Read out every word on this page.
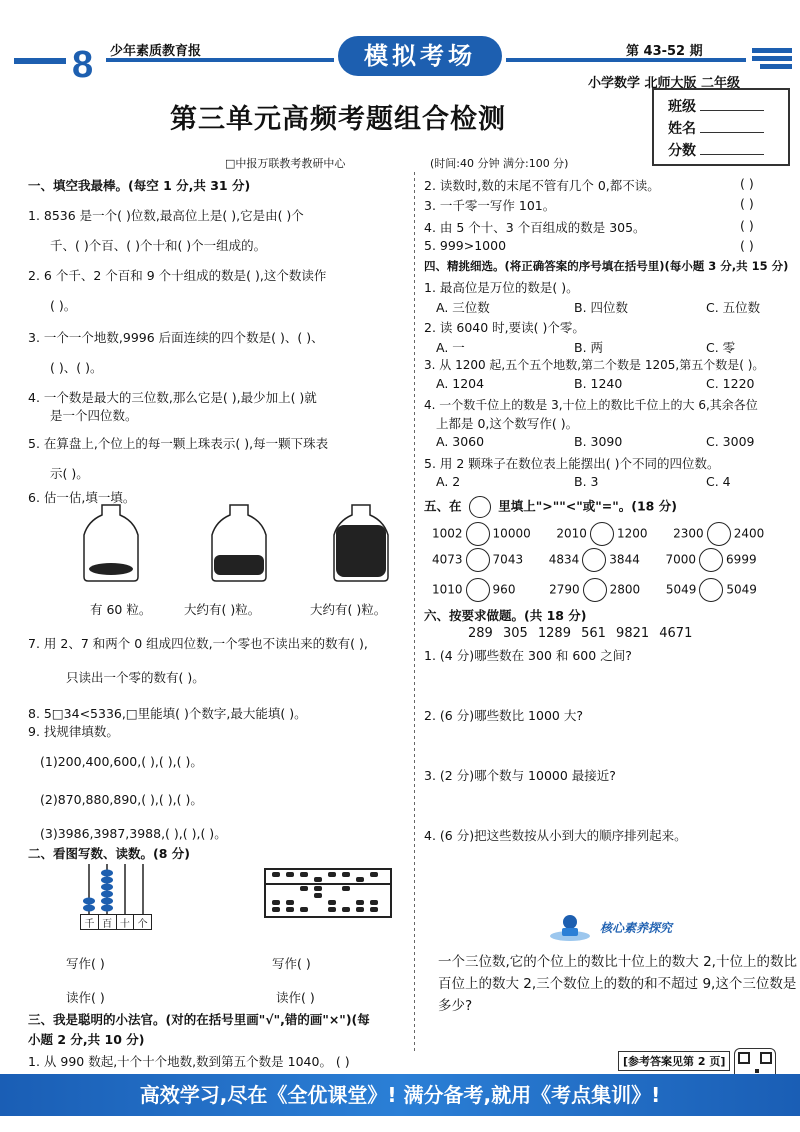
8 少年素质教育报	模拟考场	第 43-52 期
小学数学 北师大版 二年级
第三单元高频考题组合检测	班级
姓名
分数
□中报万联教考教研中心	(时间:40 分钟 满分:100 分)
一、填空我最棒。(每空 1 分,共 31 分)
1. 8536 是一个( )位数,最高位上是( ),它是由( )个
千、( )个百、( )个十和( )个一组成的。
2. 6 个千、2 个百和 9 个十组成的数是( ),这个数读作
( )。
3. 一个一个地数,9996 后面连续的四个数是( )、( )、
( )、( )。
4. 一个数是最大的三位数,那么它是( ),最少加上( )就
是一个四位数。
5. 在算盘上,个位上的每一颗上珠表示( ),每一颗下珠表
示( )。
6. 估一估,填一填。
有 60 粒。	大约有( )粒。	大约有( )粒。
7. 用 2、7 和两个 0 组成四位数,一个零也不读出来的数有( ),
只读出一个零的数有( )。
8. 5□34<5336,□里能填( )个数字,最大能填( )。
9. 找规律填数。
(1)200,400,600,( ),( ),( )。
(2)870,880,890,( ),( ),( )。
(3)3986,3987,3988,( ),( ),( )。
二、看图写数、读数。(8 分)
千 百 十 个
写作( )	写作( )
读作( )	读作( )
三、我是聪明的小法官。(对的在括号里画"√",错的画"×")(每
小题 2 分,共 10 分)
1. 从 990 数起,十个十个地数,数到第五个数是 1040。 ( )
2. 读数时,数的末尾不管有几个 0,都不读。	( )
3. 一千零一写作 101。	( )
4. 由 5 个十、3 个百组成的数是 305。	( )
5. 999>1000	( )
四、精挑细选。(将正确答案的序号填在括号里)(每小题 3 分,共 15 分)
1. 最高位是万位的数是( )。
A. 三位数	B. 四位数	C. 五位数
2. 读 6040 时,要读( )个零。
A. 一	B. 两	C. 零
3. 从 1200 起,五个五个地数,第二个数是 1205,第五个数是( )。
A. 1204	B. 1240	C. 1220
4. 一个数千位上的数是 3,十位上的数比千位上的大 6,其余各位
上都是 0,这个数写作( )。
A. 3060	B. 3090	C. 3009
5. 用 2 颗珠子在数位表上能摆出( )个不同的四位数。
A. 2	B. 3	C. 4
五、在	里填上">""<"或"="。(18 分)
1002	10000 2010	1200 2300	2400
4073	7043 4834	3844 7000	6999
1010	960	2790	2800 5049	5049
六、按要求做题。(共 18 分)
289 305 1289 561 9821 4671
1. (4 分)哪些数在 300 和 600 之间?
2. (6 分)哪些数比 1000 大?
3. (2 分)哪个数与 10000 最接近?
4. (6 分)把这些数按从小到大的顺序排列起来。
核心素养探究
一个三位数,它的个位上的数比十位上的数大 2,十位上的数比
百位上的数大 2,三个数位上的数的和不超过 9,这个三位数是
多少?
[参考答案见第 2 页]
高效学习,尽在《全优课堂》! 满分备考,就用《考点集训》!
